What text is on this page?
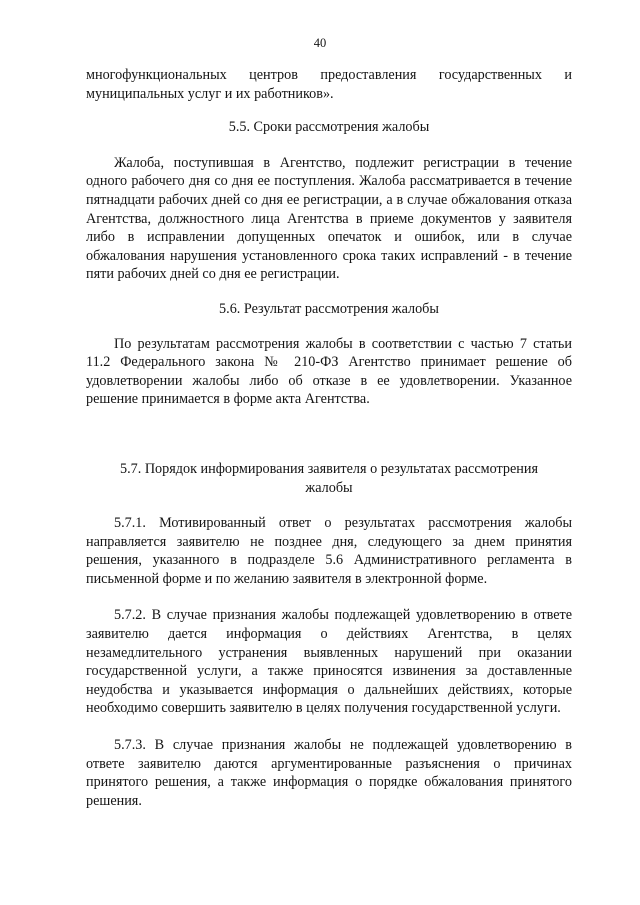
40

многофункциональных центров предоставления государственных и муниципальных услуг и их работников».

5.5. Сроки рассмотрения жалобы

Жалоба, поступившая в Агентство, подлежит регистрации в течение одного рабочего дня со дня ее поступления. Жалоба рассматривается в течение пятнадцати рабочих дней со дня ее регистрации, а в случае обжалования отказа Агентства, должностного лица Агентства в приеме документов у заявителя либо в исправлении допущенных опечаток и ошибок, или в случае обжалования нарушения установленного срока таких исправлений - в течение пяти рабочих дней со дня ее регистрации.

5.6. Результат рассмотрения жалобы

По результатам рассмотрения жалобы в соответствии с частью 7 статьи 11.2 Федерального закона № 210-ФЗ Агентство принимает решение об удовлетворении жалобы либо об отказе в ее удовлетворении. Указанное решение принимается в форме акта Агентства.

5.7. Порядок информирования заявителя о результатах рассмотрения жалобы

5.7.1. Мотивированный ответ о результатах рассмотрения жалобы направляется заявителю не позднее дня, следующего за днем принятия решения, указанного в подразделе 5.6 Административного регламента в письменной форме и по желанию заявителя в электронной форме.

5.7.2. В случае признания жалобы подлежащей удовлетворению в ответе заявителю дается информация о действиях Агентства, в целях незамедлительного устранения выявленных нарушений при оказании государственной услуги, а также приносятся извинения за доставленные неудобства и указывается информация о дальнейших действиях, которые необходимо совершить заявителю в целях получения государственной услуги.

5.7.3. В случае признания жалобы не подлежащей удовлетворению в ответе заявителю даются аргументированные разъяснения о причинах принятого решения, а также информация о порядке обжалования принятого решения.
